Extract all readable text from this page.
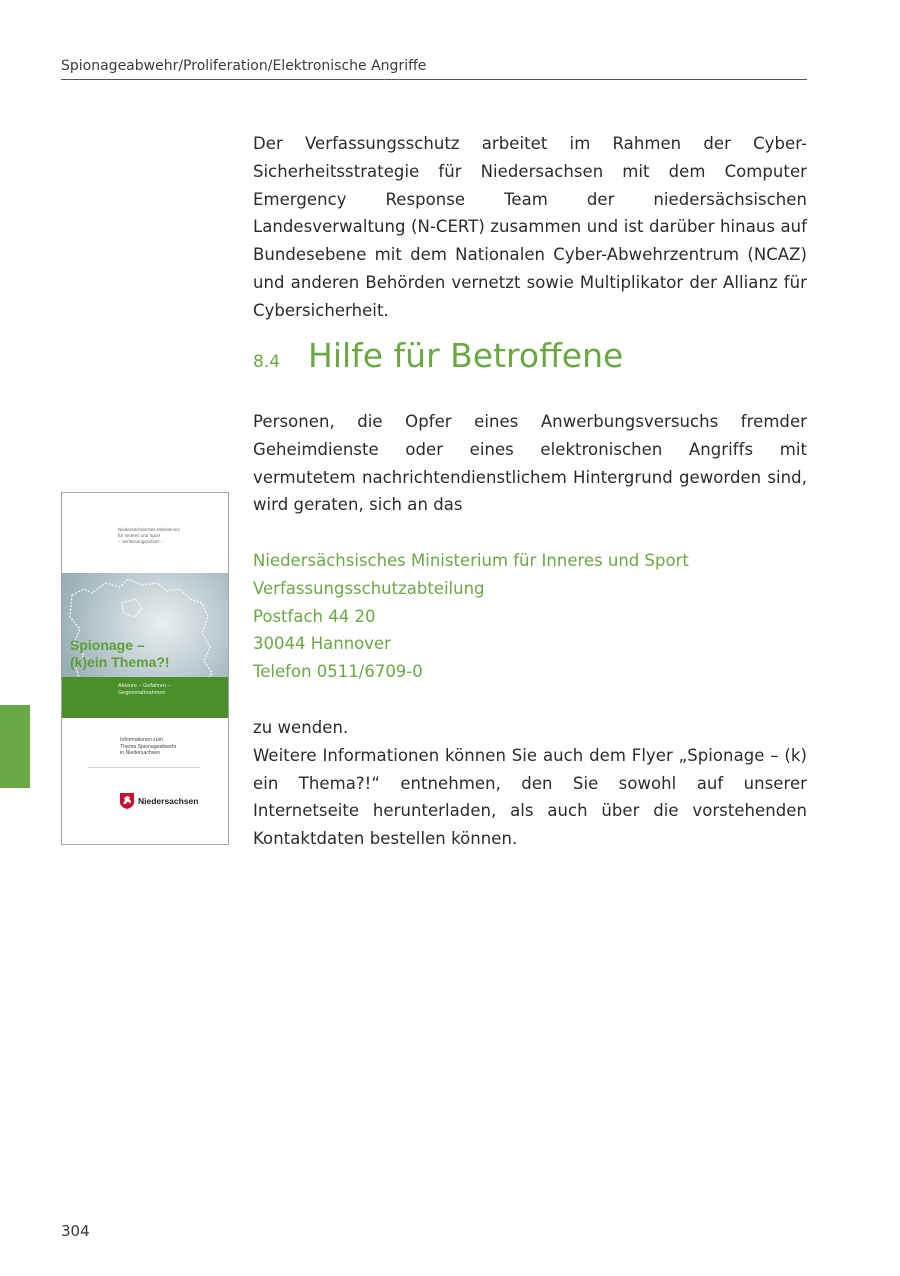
Spionageabwehr/Proliferation/Elektronische Angriffe

Der Verfassungsschutz arbeitet im Rahmen der Cyber-Sicherheitsstrategie für Niedersachsen mit dem Computer Emergency Response Team der niedersächsischen Landesverwaltung (N-CERT) zusammen und ist darüber hinaus auf Bundesebene mit dem Nationalen Cyber-Abwehrzentrum (NCAZ) und anderen Behörden vernetzt sowie Multiplikator der Allianz für Cybersicherheit.

8.4 Hilfe für Betroffene

Personen, die Opfer eines Anwerbungsversuchs fremder Geheimdienste oder eines elektronischen Angriffs mit vermutetem nachrichtendienstlichem Hintergrund geworden sind, wird geraten, sich an das

Niedersächsisches Ministerium für Inneres und Sport
Verfassungsschutzabteilung
Postfach 44 20
30044 Hannover
Telefon 0511/6709-0

zu wenden.

Weitere Informationen können Sie auch dem Flyer „Spionage – (k) ein Thema?!“ entnehmen, den Sie sowohl auf unserer Internetseite herunterladen, als auch über die vorstehenden Kontaktdaten bestellen können.

Niedersächsisches Ministerium
für Inneres und Sport
– Verfassungsschutz –
Spionage –
(k)ein Thema?!
Akteure – Gefahren –
Gegenmaßnahmen
Informationen zum
Thema Spionageabwehr
in Niedersachsen
Niedersachsen
304
